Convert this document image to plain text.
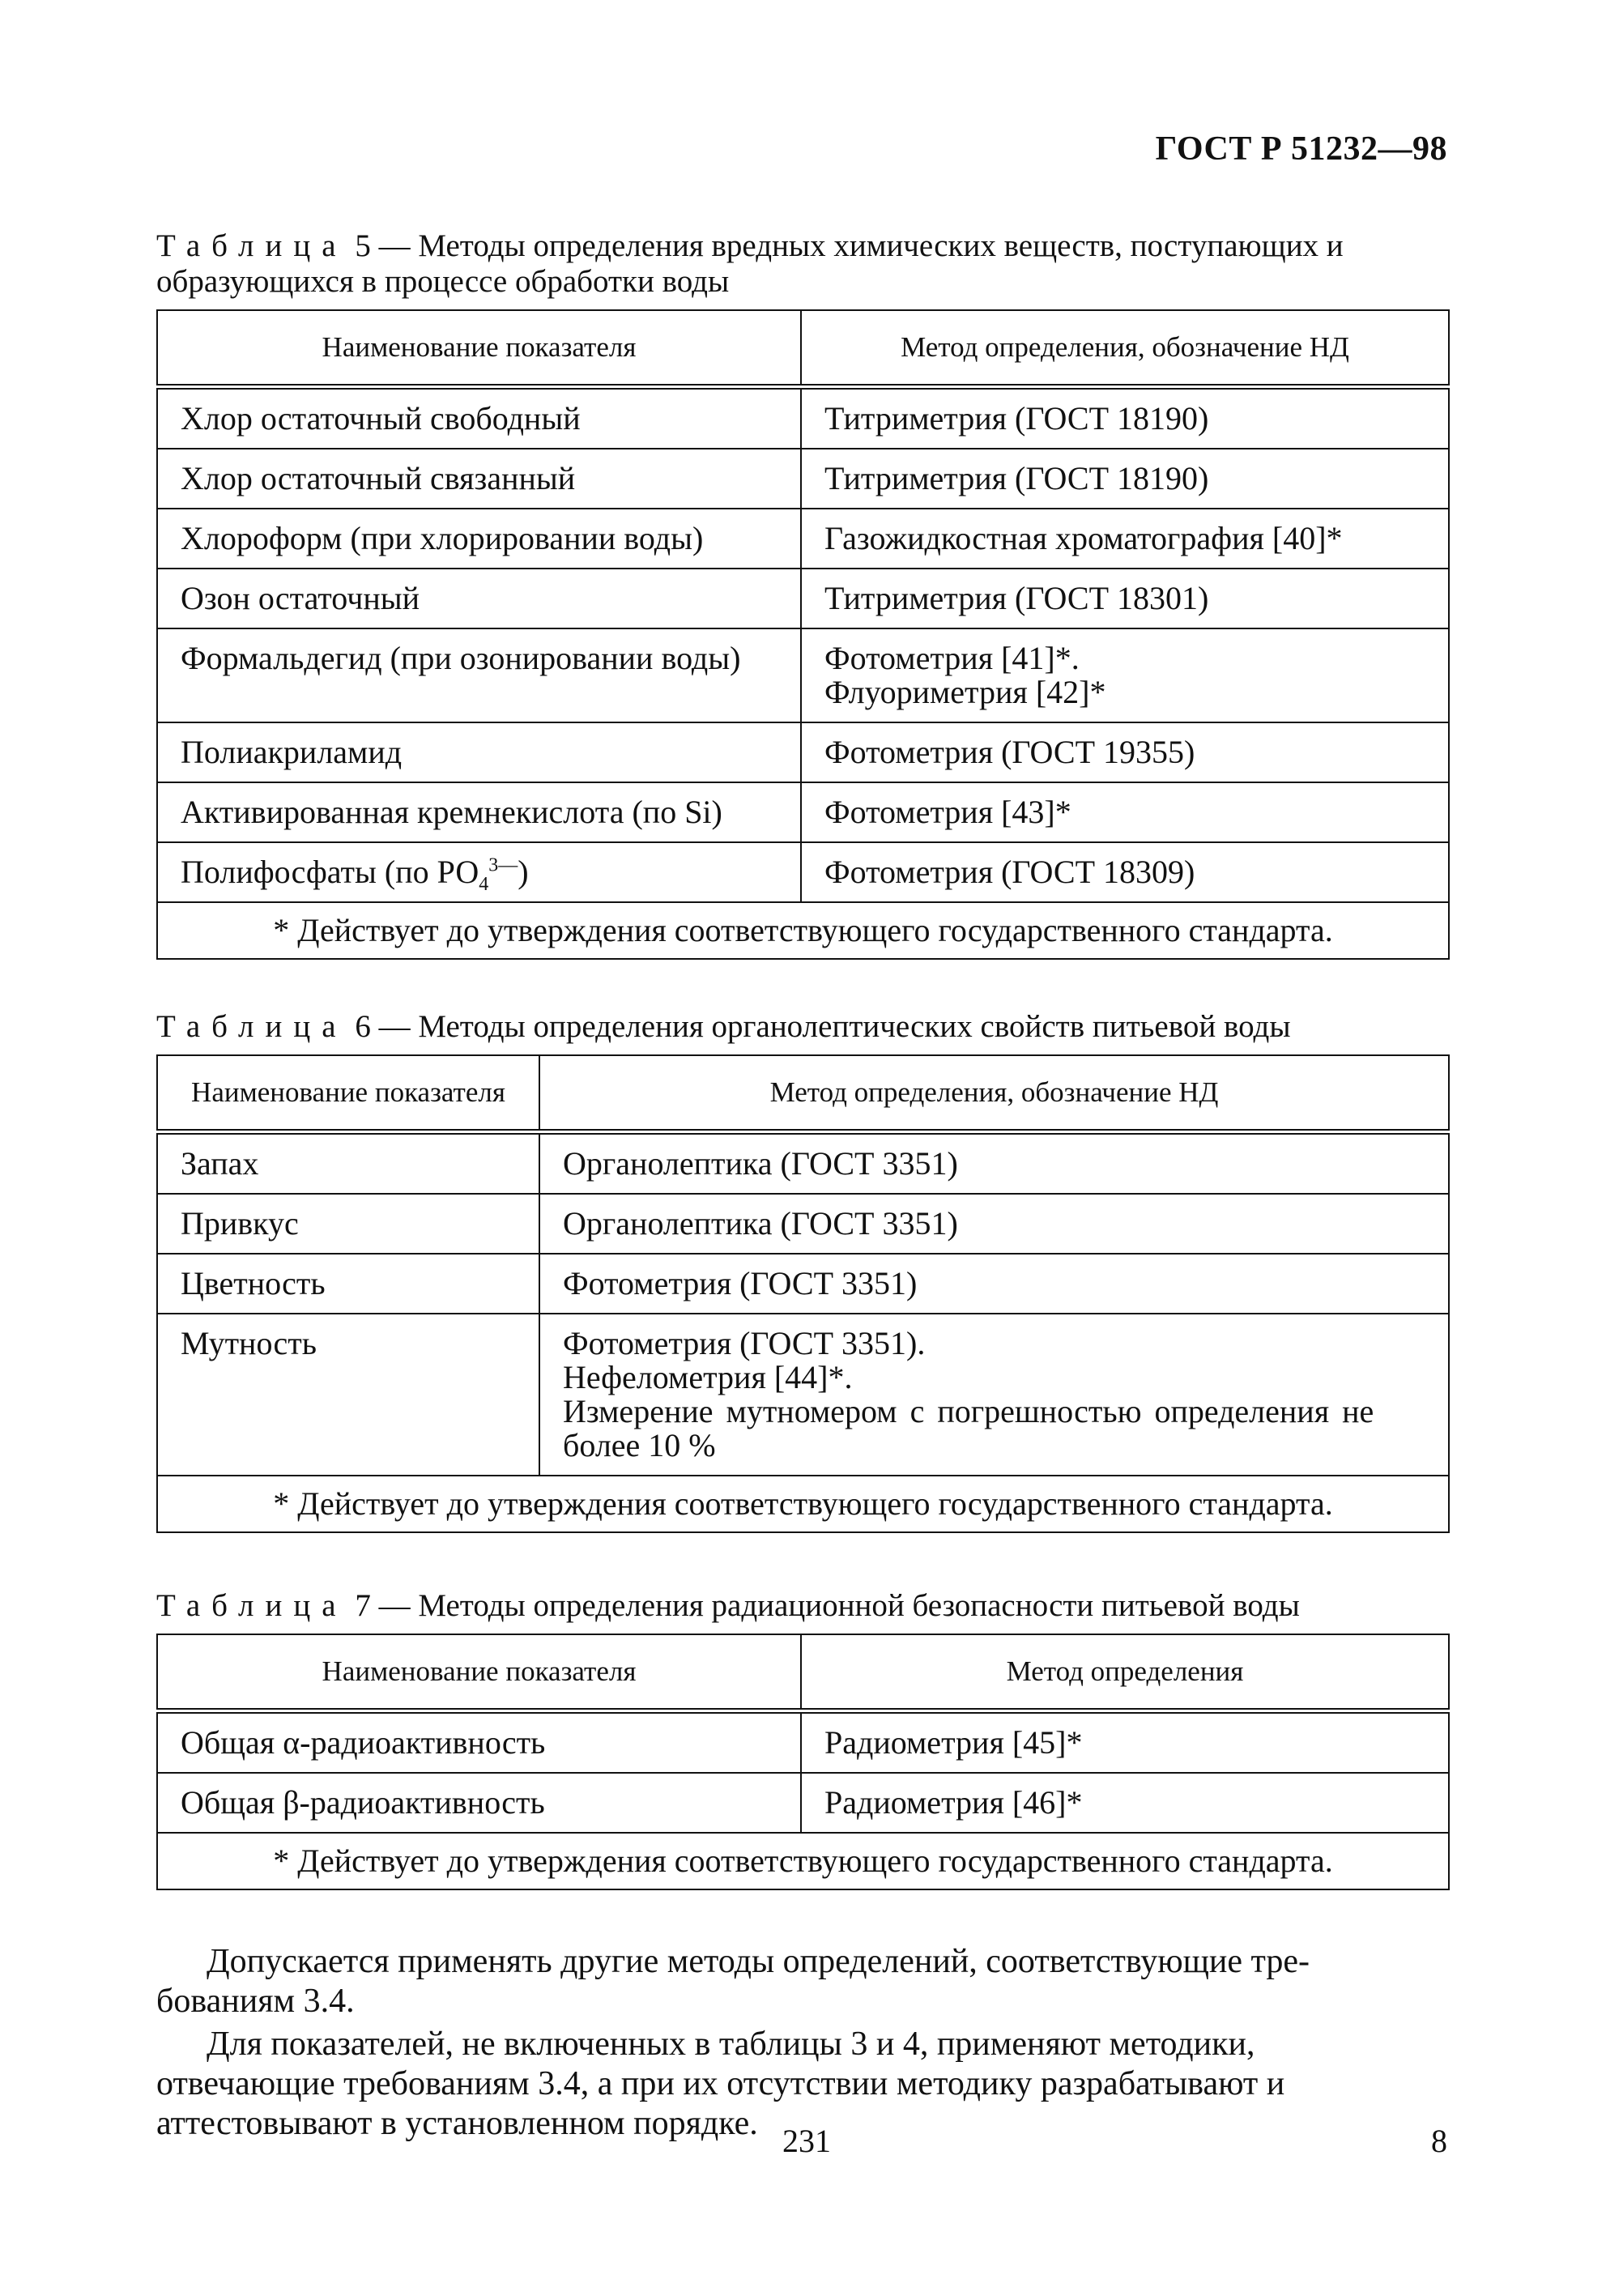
ГОСТ Р 51232—98
Таблица 5 — Методы определения вредных химических веществ, поступающих и образующихся в процессе обработки воды
Наименование показателя	Метод определения, обозначение НД
Хлор остаточный свободный	Титриметрия (ГОСТ 18190)
Хлор остаточный связанный	Титриметрия (ГОСТ 18190)
Хлороформ (при хлорировании воды)	Газожидкостная хроматография [40]*
Озон остаточный	Титриметрия (ГОСТ 18301)
Формальдегид (при озонировании воды)	Фотометрия [41]*.
Флуориметрия [42]*

Полиакриламид	Фотометрия (ГОСТ 19355)
Активированная кремнекислота (по Si)	Фотометрия [43]*
Полифосфаты (по $РО_4^{3—}$)	Фотометрия (ГОСТ 18309)
* Действует до утверждения соответствующего государственного стандарта.	
Таблица 6 — Методы определения органолептических свойств питьевой воды
Наименование показателя	Метод определения, обозначение НД
Запах	Органолептика (ГОСТ 3351)
Привкус	Органолептика (ГОСТ 3351)
Цветность	Фотометрия (ГОСТ 3351)
Мутность	Фотометрия (ГОСТ 3351).
Нефелометрия [44]*.
Измерение мутномером с погрешностью определения не
более 10 %

* Действует до утверждения соответствующего государственного стандарта.	
Таблица 7 — Методы определения радиационной безопасности питьевой воды
Наименование показателя	Метод определения
Общая α-радиоактивность	Радиометрия [45]*
Общая β-радиоактивность	Радиометрия [46]*
* Действует до утверждения соответствующего государственного стандарта.	
Допускается применять другие методы определений, соответствующие тре-
бованиям 3.4.
Для показателей, не включенных в таблицы 3 и 4, применяют методики,
отвечающие требованиям 3.4, а при их отсутствии методику разрабатывают и
аттестовывают в установленном порядке. 231	8
